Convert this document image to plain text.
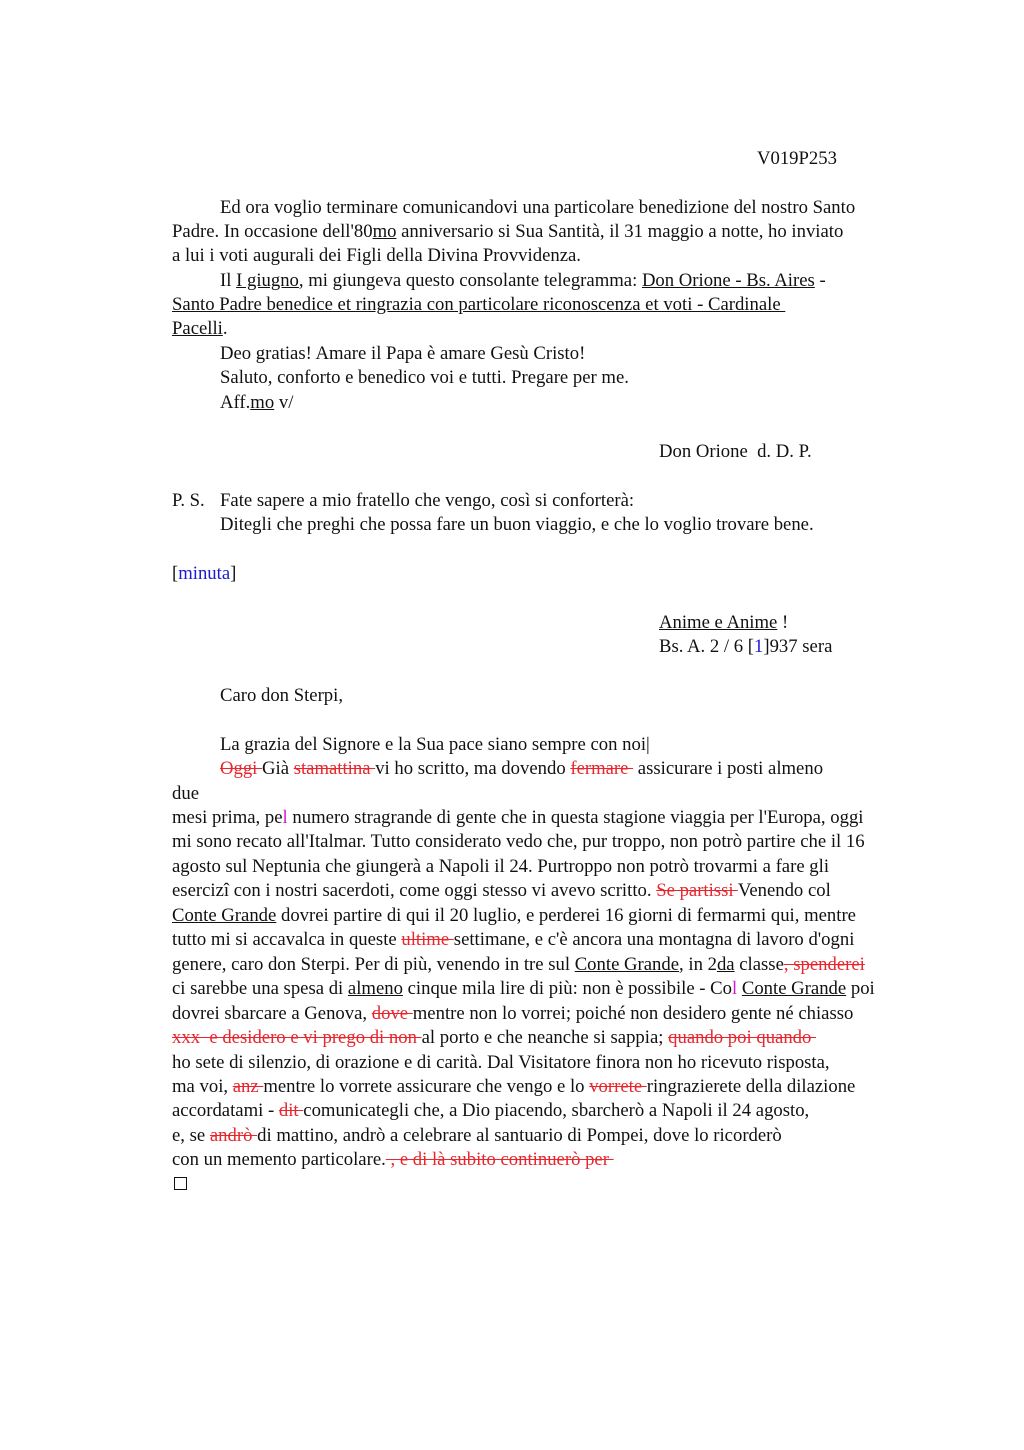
V019P253
Ed ora voglio terminare comunicandovi una particolare benedizione del nostro Santo
Padre. In occasione dell'80mo anniversario si Sua Santità, il 31 maggio a notte, ho inviato
a lui i voti augurali dei Figli della Divina Provvidenza.
Il I giugno, mi giungeva questo consolante telegramma: Don Orione - Bs. Aires -
Santo Padre benedice et ringrazia con particolare riconoscenza et voti - Cardinale
Pacelli.
Deo gratias! Amare il Papa è amare Gesù Cristo!
Saluto, conforto e benedico voi e tutti. Pregare per me.
Aff.mo v/
Don Orione  d. D. P.
P. S. Fate sapere a mio fratello che vengo, così si conforterà:
Ditegli che preghi che possa fare un buon viaggio, e che lo voglio trovare bene.
[minuta]
Anime e Anime !
Bs. A. 2 / 6 [1]937 sera
Caro don Sterpi,
La grazia del Signore e la Sua pace siano sempre con noi|
Oggi Già stamattina vi ho scritto, ma dovendo fermare  assicurare i posti almeno
due
mesi prima, pel numero stragrande di gente che in questa stagione viaggia per l'Europa, oggi
mi sono recato all'Italmar. Tutto considerato vedo che, pur troppo, non potrò partire che il 16
agosto sul Neptunia che giungerà a Napoli il 24. Purtroppo non potrò trovarmi a fare gli
esercizî con i nostri sacerdoti, come oggi stesso vi avevo scritto. Se partissi Venendo col
Conte Grande dovrei partire di qui il 20 luglio, e perderei 16 giorni di fermarmi qui, mentre
tutto mi si accavalca in queste ultime settimane, e c'è ancora una montagna di lavoro d'ogni
genere, caro don Sterpi. Per di più, venendo in tre sul Conte Grande, in 2da classe, spenderei
ci sarebbe una spesa di almeno cinque mila lire di più: non è possibile - Col Conte Grande poi
dovrei sbarcare a Genova, dove mentre non lo vorrei; poiché non desidero gente né chiasso
xxx  e desidero e vi prego di non al porto e che neanche si sappia; quando poi quando
ho sete di silenzio, di orazione e di carità. Dal Visitatore finora non ho ricevuto risposta,
ma voi, anz mentre lo vorrete assicurare che vengo e lo vorrete ringrazierete della dilazione
accordatami - dit comunicategli che, a Dio piacendo, sbarcherò a Napoli il 24 agosto,
e, se andrò di mattino, andrò a celebrare al santuario di Pompei, dove lo ricorderò
con un memento particolare. , e di là subito continuerò per
